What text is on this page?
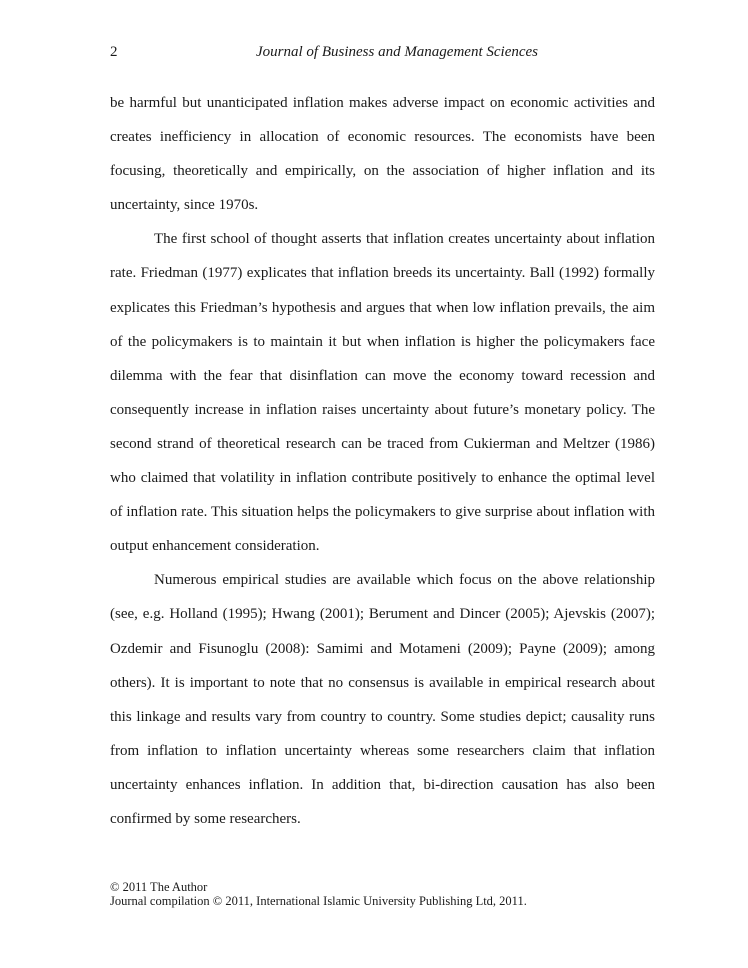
2	Journal of Business and Management Sciences

be harmful but unanticipated inflation makes adverse impact on economic activities and creates inefficiency in allocation of economic resources. The economists have been focusing, theoretically and empirically, on the association of higher inflation and its uncertainty, since 1970s.

The first school of thought asserts that inflation creates uncertainty about inflation rate. Friedman (1977) explicates that inflation breeds its uncertainty. Ball (1992) formally explicates this Friedman’s hypothesis and argues that when low inflation prevails, the aim of the policymakers is to maintain it but when inflation is higher the policymakers face dilemma with the fear that disinflation can move the economy toward recession and consequently increase in inflation raises uncertainty about future’s monetary policy. The second strand of theoretical research can be traced from Cukierman and Meltzer (1986) who claimed that volatility in inflation contribute positively to enhance the optimal level of inflation rate. This situation helps the policymakers to give surprise about inflation with output enhancement consideration.

Numerous empirical studies are available which focus on the above relationship (see, e.g. Holland (1995); Hwang (2001); Berument and Dincer (2005); Ajevskis (2007); Ozdemir and Fisunoglu (2008): Samimi and Motameni (2009); Payne (2009); among others). It is important to note that no consensus is available in empirical research about this linkage and results vary from country to country. Some studies depict; causality runs from inflation to inflation uncertainty whereas some researchers claim that inflation uncertainty enhances inflation. In addition that, bi-direction causation has also been confirmed by some researchers.

© 2011 The Author
Journal compilation © 2011, International Islamic University Publishing Ltd, 2011.
